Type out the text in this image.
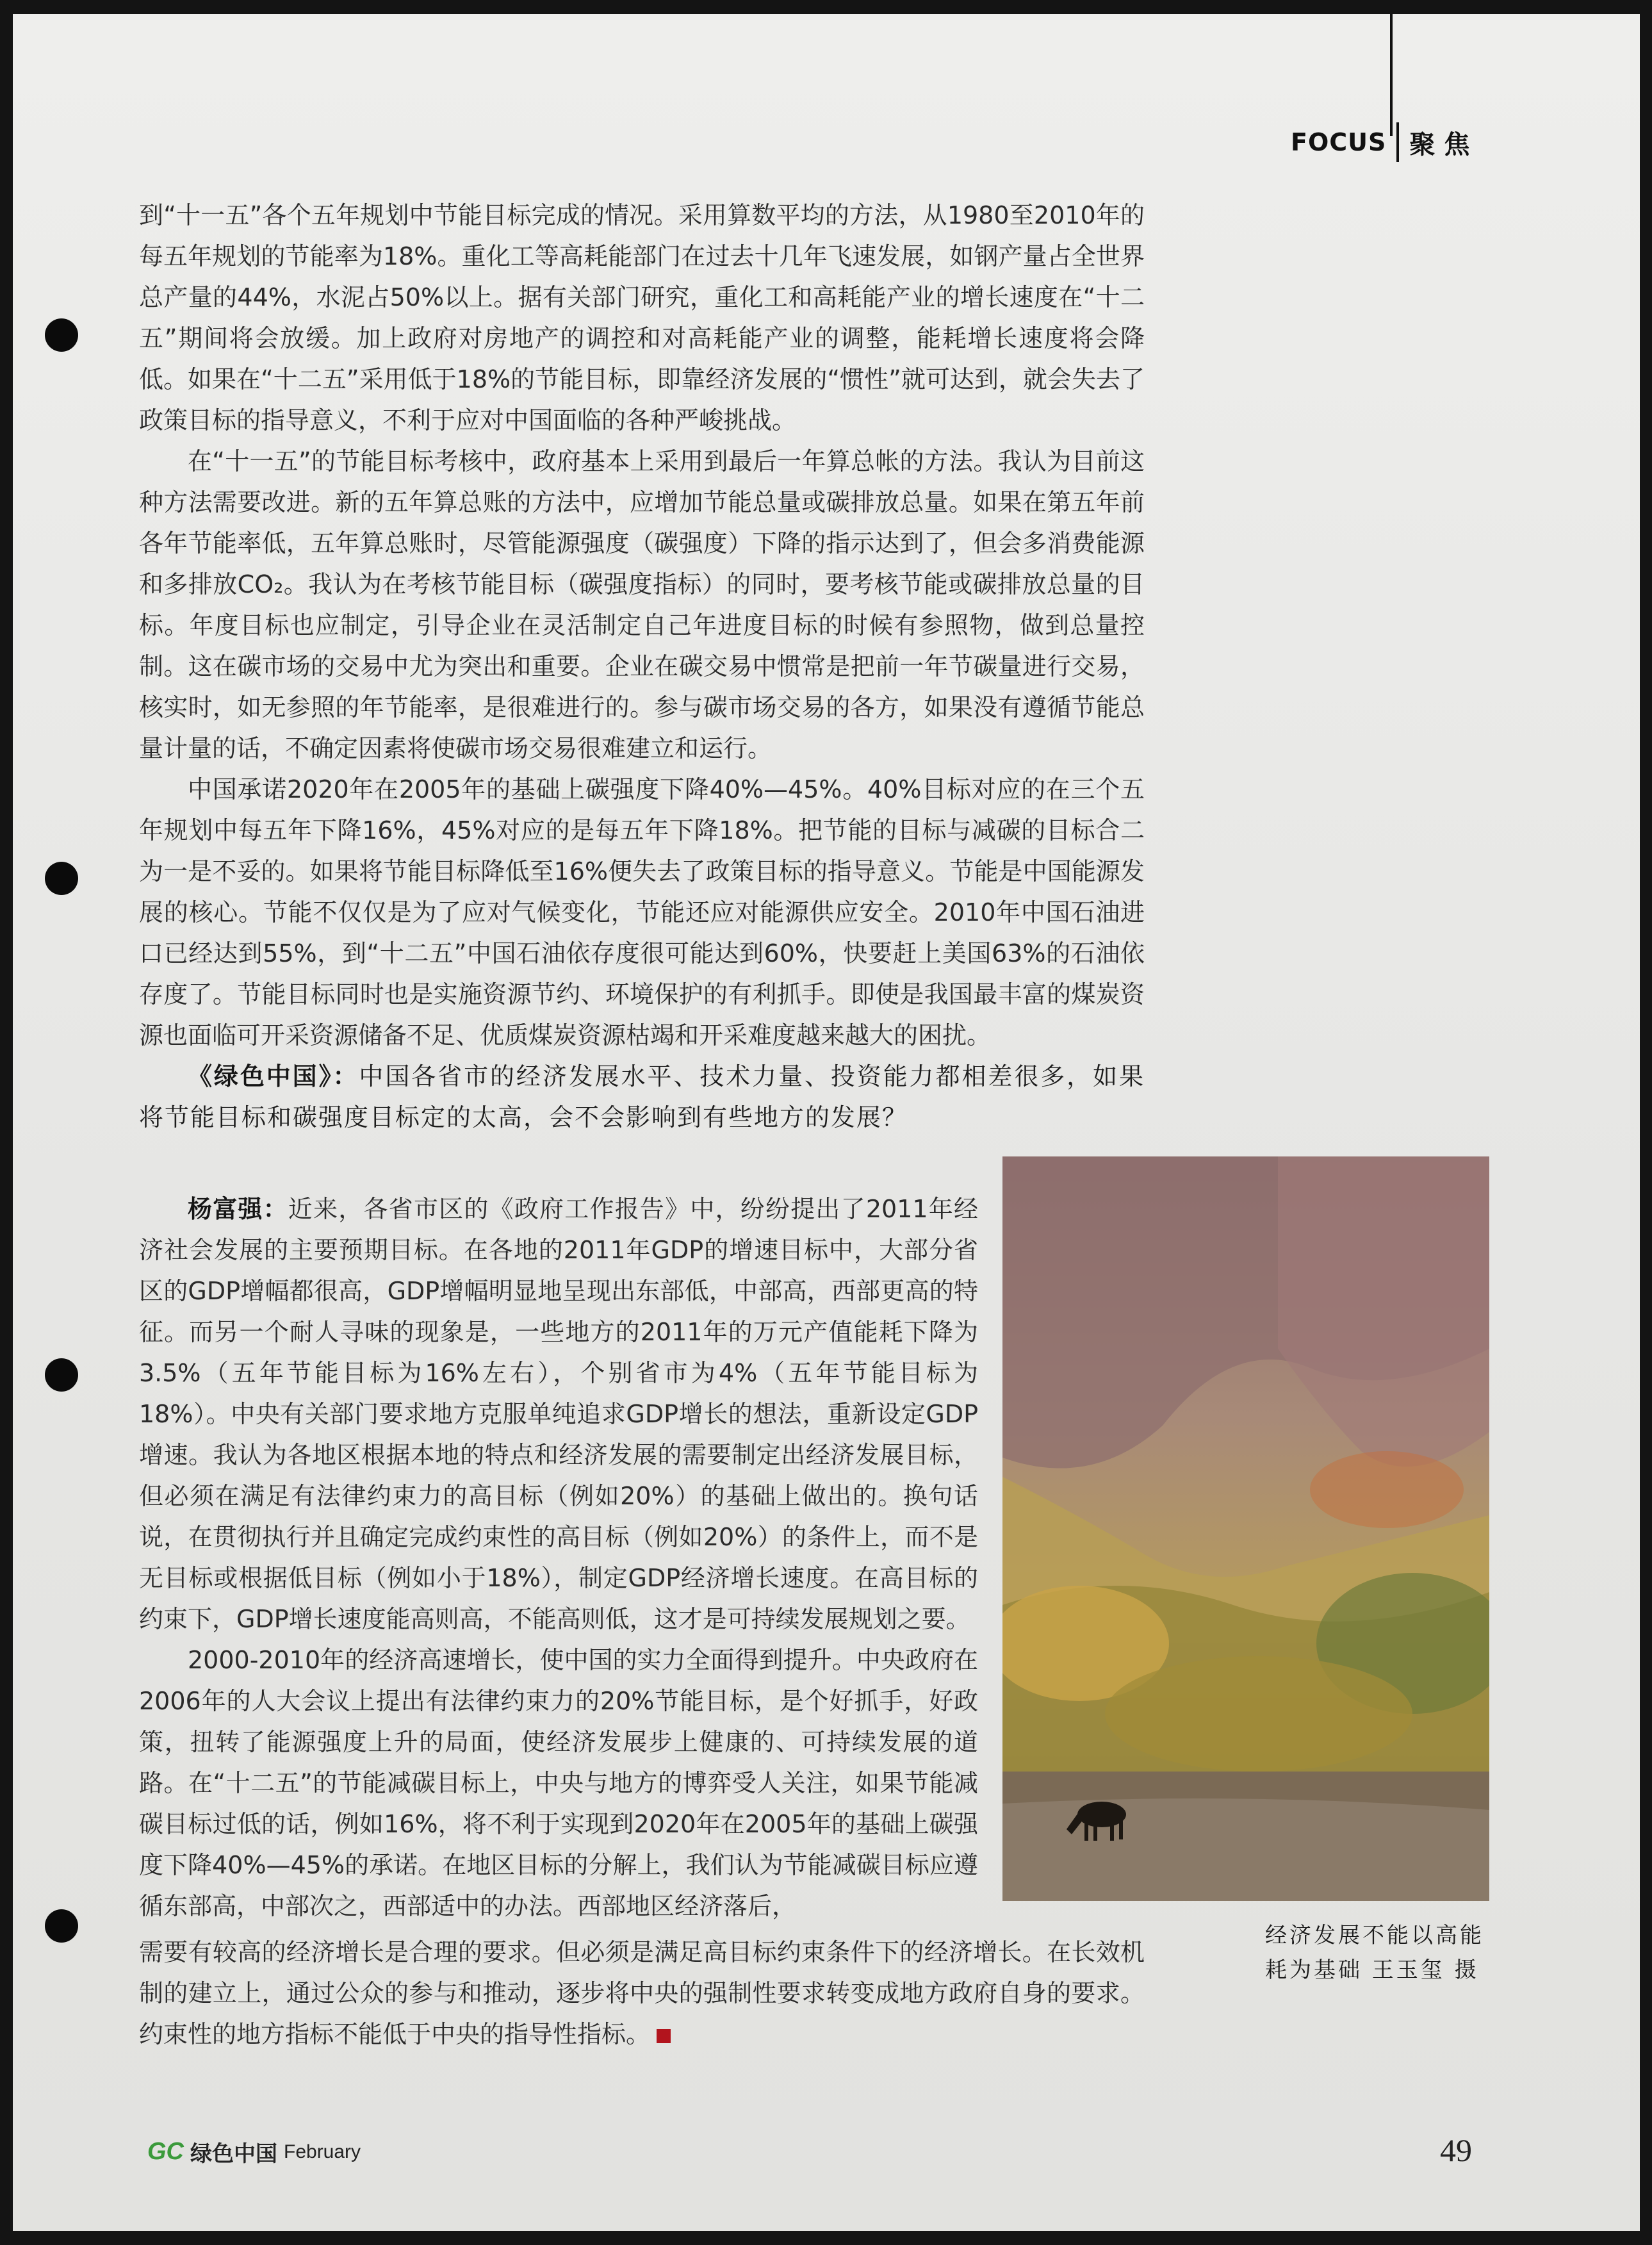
FOCUS 聚焦

到“十一五”各个五年规划中节能目标完成的情况。采用算数平均的方法，从1980至2010年的每五年规划的节能率为18%。重化工等高耗能部门在过去十几年飞速发展，如钢产量占全世界总产量的44%，水泥占50%以上。据有关部门研究，重化工和高耗能产业的增长速度在“十二五”期间将会放缓。加上政府对房地产的调控和对高耗能产业的调整，能耗增长速度将会降低。如果在“十二五”采用低于18%的节能目标，即靠经济发展的“惯性”就可达到，就会失去了政策目标的指导意义，不利于应对中国面临的各种严峻挑战。

在“十一五”的节能目标考核中，政府基本上采用到最后一年算总帐的方法。我认为目前这种方法需要改进。新的五年算总账的方法中，应增加节能总量或碳排放总量。如果在第五年前各年节能率低，五年算总账时，尽管能源强度（碳强度）下降的指示达到了，但会多消费能源和多排放CO₂。我认为在考核节能目标（碳强度指标）的同时，要考核节能或碳排放总量的目标。年度目标也应制定，引导企业在灵活制定自己年进度目标的时候有参照物，做到总量控制。这在碳市场的交易中尤为突出和重要。企业在碳交易中惯常是把前一年节碳量进行交易，核实时，如无参照的年节能率，是很难进行的。参与碳市场交易的各方，如果没有遵循节能总量计量的话，不确定因素将使碳市场交易很难建立和运行。

中国承诺2020年在2005年的基础上碳强度下降40%—45%。40%目标对应的在三个五年规划中每五年下降16%，45%对应的是每五年下降18%。把节能的目标与减碳的目标合二为一是不妥的。如果将节能目标降低至16%便失去了政策目标的指导意义。节能是中国能源发展的核心。节能不仅仅是为了应对气候变化，节能还应对能源供应安全。2010年中国石油进口已经达到55%，到“十二五”中国石油依存度很可能达到60%，快要赶上美国63%的石油依存度了。节能目标同时也是实施资源节约、环境保护的有利抓手。即使是我国最丰富的煤炭资源也面临可开采资源储备不足、优质煤炭资源枯竭和开采难度越来越大的困扰。

《绿色中国》：中国各省市的经济发展水平、技术力量、投资能力都相差很多，如果将节能目标和碳强度目标定的太高，会不会影响到有些地方的发展？

杨富强：近来，各省市区的《政府工作报告》中，纷纷提出了2011年经济社会发展的主要预期目标。在各地的2011年GDP的增速目标中，大部分省区的GDP增幅都很高，GDP增幅明显地呈现出东部低，中部高，西部更高的特征。而另一个耐人寻味的现象是，一些地方的2011年的万元产值能耗下降为3.5%（五年节能目标为16%左右），个别省市为4%（五年节能目标为18%）。中央有关部门要求地方克服单纯追求GDP增长的想法，重新设定GDP增速。我认为各地区根据本地的特点和经济发展的需要制定出经济发展目标，但必须在满足有法律约束力的高目标（例如20%）的基础上做出的。换句话说，在贯彻执行并且确定完成约束性的高目标（例如20%）的条件上，而不是无目标或根据低目标（例如小于18%），制定GDP经济增长速度。在高目标的约束下，GDP增长速度能高则高，不能高则低，这才是可持续发展规划之要。

2000-2010年的经济高速增长，使中国的实力全面得到提升。中央政府在2006年的人大会议上提出有法律约束力的20%节能目标，是个好抓手，好政策，扭转了能源强度上升的局面，使经济发展步上健康的、可持续发展的道路。在“十二五”的节能减碳目标上，中央与地方的博弈受人关注，如果节能减碳目标过低的话，例如16%，将不利于实现到2020年在2005年的基础上碳强度下降40%—45%的承诺。在地区目标的分解上，我们认为节能减碳目标应遵循东部高，中部次之，西部适中的办法。西部地区经济落后，

需要有较高的经济增长是合理的要求。但必须是满足高目标约束条件下的经济增长。在长效机制的建立上，通过公众的参与和推动，逐步将中央的强制性要求转变成地方政府自身的要求。约束性的地方指标不能低于中央的指导性指标。

经济发展不能以高能耗为基础 王玉玺 摄
GC 绿色中国 February	49
